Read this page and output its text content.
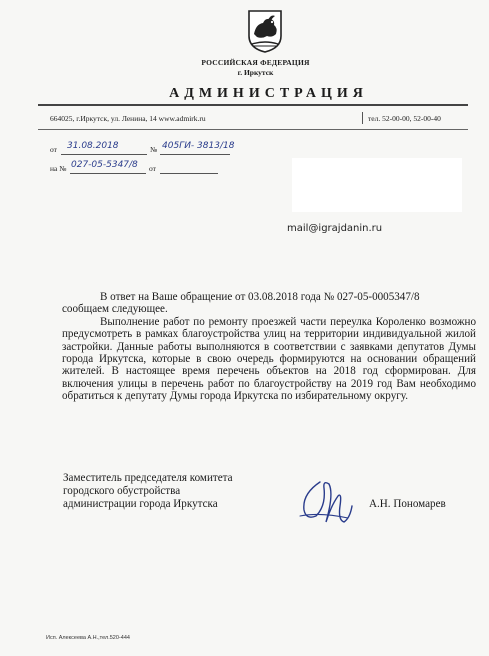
РОССИЙСКАЯ ФЕДЕРАЦИЯ
г. Иркутск
АДМИНИСТРАЦИЯ
664025, г.Иркутск, ул. Ленина, 14 www.admirk.ru	тел. 52-00-00, 52-00-40
от 31.08.2018	№ 405ГИ- 3813/18
на № 027-05-5347/8 от
mail@igrajdanin.ru

В ответ на Ваше обращение от 03.08.2018 года № 027-05-0005347/8

сообщаем следующее.

Выполнение работ по ремонту проезжей части переулка Короленко возможно предусмотреть в рамках благоустройства улиц на территории индивидуальной жилой застройки. Данные работы выполняются в соответствии с заявками депутатов Думы города Иркутска, которые в свою очередь формируются на основании обращений жителей. В настоящее время перечень объектов на 2018 год сформирован. Для включения улицы в перечень работ по благоустройству на 2019 год Вам необходимо обратиться к депутату Думы города Иркутска по избирательному округу.

Заместитель председателя комитета
городского обустройства
администрации города Иркутска	А.Н. Пономарев
Исп. Алексеева А.Н.,тел.520-444
